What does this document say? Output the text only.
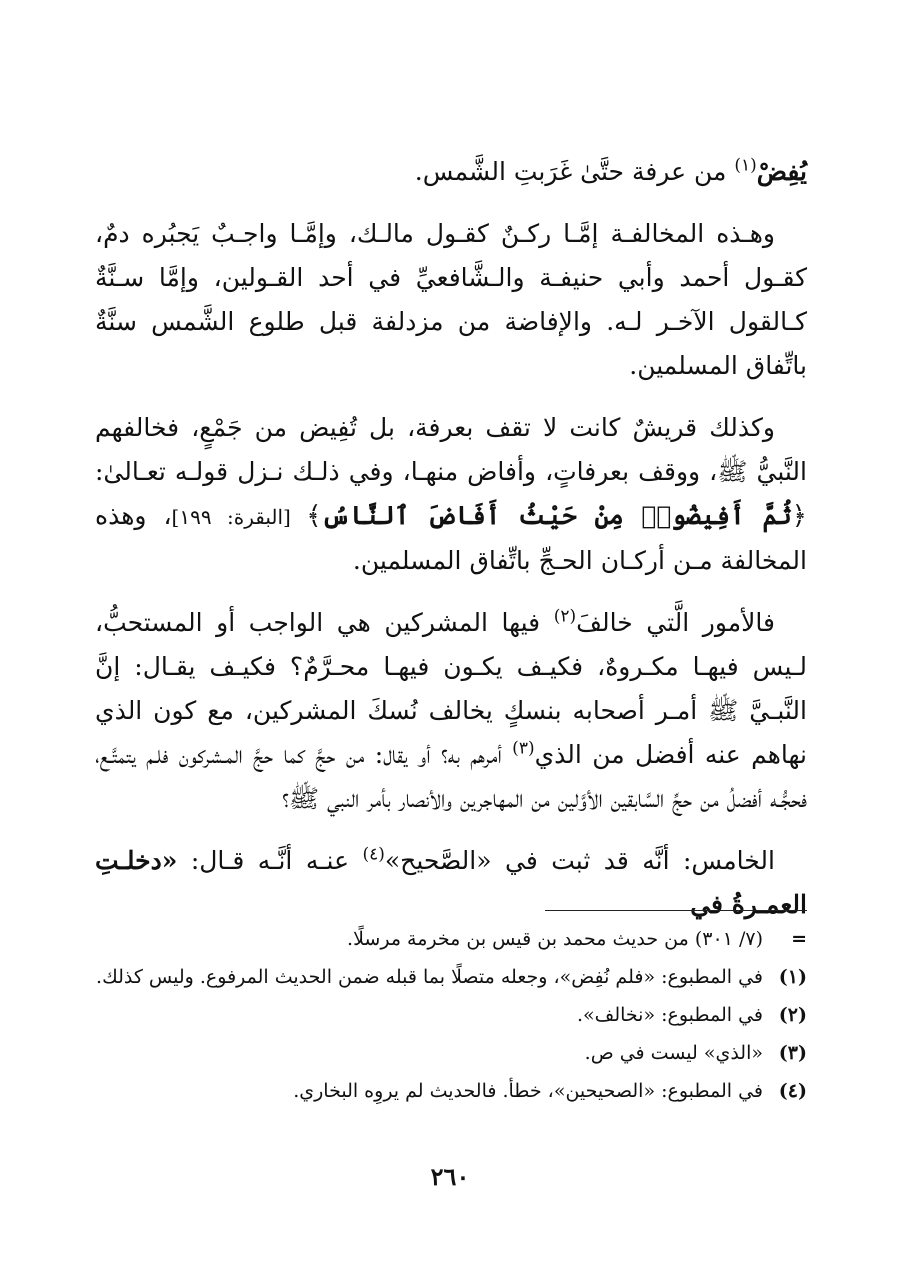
يُفِضْ$^{(١)}$ من عرفة حتَّىٰ غَرَبتِ الشَّمس.

وهـذه المخالفـة إمَّـا ركـنٌ كقـول مالـك، وإمَّـا واجـبٌ يَجبُره دمٌ، كقـول أحمد وأبي حنيفـة والـشَّافعيِّ في أحد القـولين، وإمَّا سـنَّةٌ كـالقول الآخـر لـه. والإفاضة من مزدلفة قبل طلوع الشَّمس سنَّةٌ باتِّفاق المسلمين.

وكذلك قريشٌ كانت لا تقف بعرفة، بل تُفِيض من جَمْعٍ، فخالفهم النَّبيُّ ﷺ، ووقف بعرفاتٍ، وأفاض منهـا، وفي ذلـك نـزل قولـه تعـالىٰ: ﴿ثُمَّ أَفِيضُوا۟ مِنْ حَيْثُ أَفَاضَ ٱلنَّاسُ﴾ [البقرة: ١٩٩]، وهذه المخالفة مـن أركـان الحـجِّ باتِّفاق المسلمين.

فالأمور الَّتي خالفَ$^{(٢)}$ فيها المشركين هي الواجب أو المستحبُّ، لـيس فيهـا مكـروهٌ، فكيـف يكـون فيهـا محـرَّمٌ؟ فكيـف يقـال: إنَّ النَّبـيَّ ﷺ أمـر أصحابه بنسكٍ يخالف نُسكَ المشركين، مع كون الذي نهاهم عنه أفضل من الذي$^{(٣)}$ أمرهم به؟ أو يقال: من حجَّ كما حجَّ المـشركون فلـم يتمتَّـع، فحجُّـه أفضلُ من حجِّ السَّابقين الأوَّلين من المهاجرين والأنصار بأمر النبي ﷺ؟

الخامس: أنَّه قد ثبت في «الصَّحيح»$^{(٤)}$ عنـه أنَّـه قـال: «دخلـتِ العمـرةُ في

=
(٧/ ٣٠١) من حديث محمد بن قيس بن مخرمة مرسلًا.
(١)
في المطبوع: «فلم نُفِض»، وجعله متصلًا بما قبله ضمن الحديث المرفوع. وليس كذلك.
(٢)
في المطبوع: «نخالف».
(٣)
«الذي» ليست في ص.
(٤)
في المطبوع: «الصحيحين»، خطأ. فالحديث لم يروِه البخاري.
٢٦٠
